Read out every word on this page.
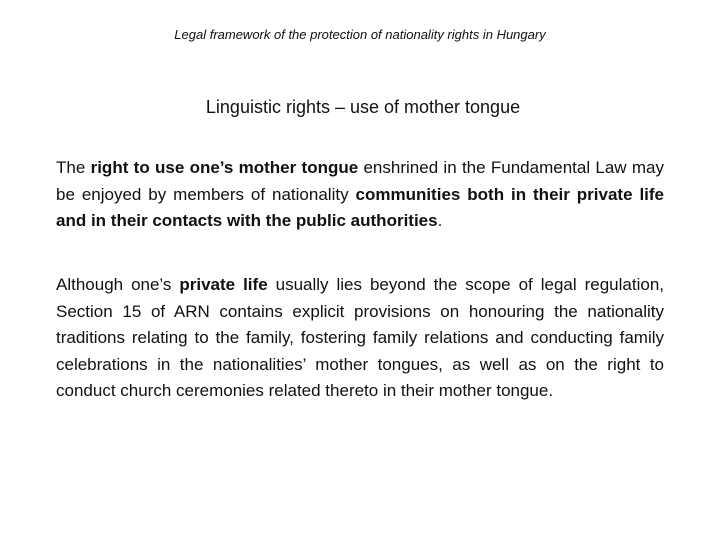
Legal framework of the protection of nationality rights in Hungary
Linguistic rights – use of mother tongue
The right to use one’s mother tongue enshrined in the Fundamental Law may be enjoyed by members of nationality communities both in their private life and in their contacts with the public authorities.
Although one’s private life usually lies beyond the scope of legal regulation, Section 15 of ARN contains explicit provisions on honouring the nationality traditions relating to the family, fostering family relations and conducting family celebrations in the nationalities’ mother tongues, as well as on the right to conduct church ceremonies related thereto in their mother tongue.
